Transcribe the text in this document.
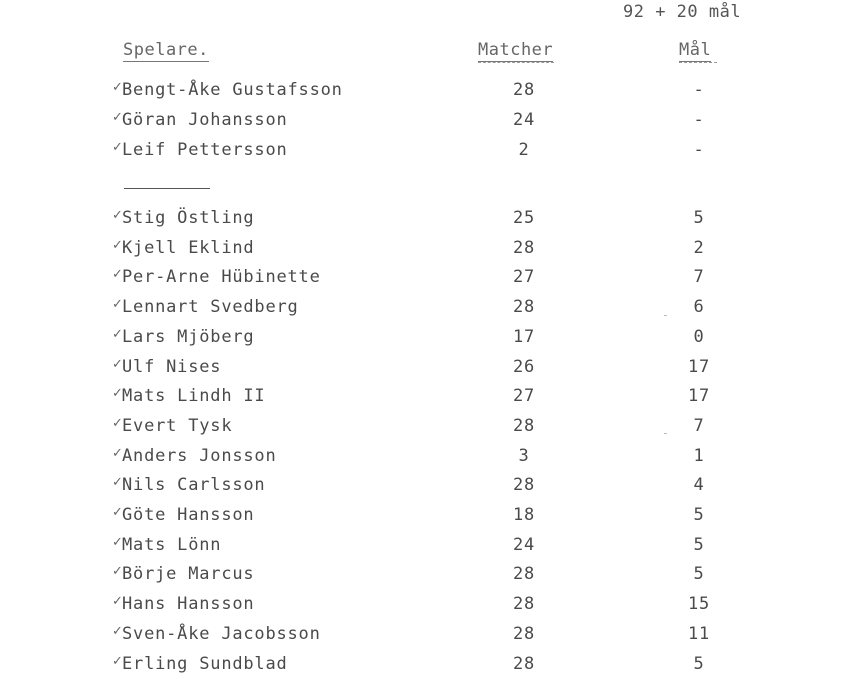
92 + 20 mål
Spelare.	Matcher	Mål
✓
Bengt-Åke Gustafsson	28	-
✓
Göran Johansson	24	-
✓
Leif Pettersson	2	-
✓
Stig Östling	25	5
✓
Kjell Eklind	28	2
✓
Per-Arne Hübinette	27	7
✓
Lennart Svedberg	28	6
✓
Lars Mjöberg	17	0
✓
Ulf Nises	26	17
✓
Mats Lindh II	27	17
✓
Evert Tysk	28	7
✓
Anders Jonsson	3	1
✓
Nils Carlsson	28	4
✓
Göte Hansson	18	5
✓
Mats Lönn	24	5
✓
Börje Marcus	28	5
✓
Hans Hansson	28	15
✓
Sven-Åke Jacobsson	28	11
✓
Erling Sundblad	28	5
